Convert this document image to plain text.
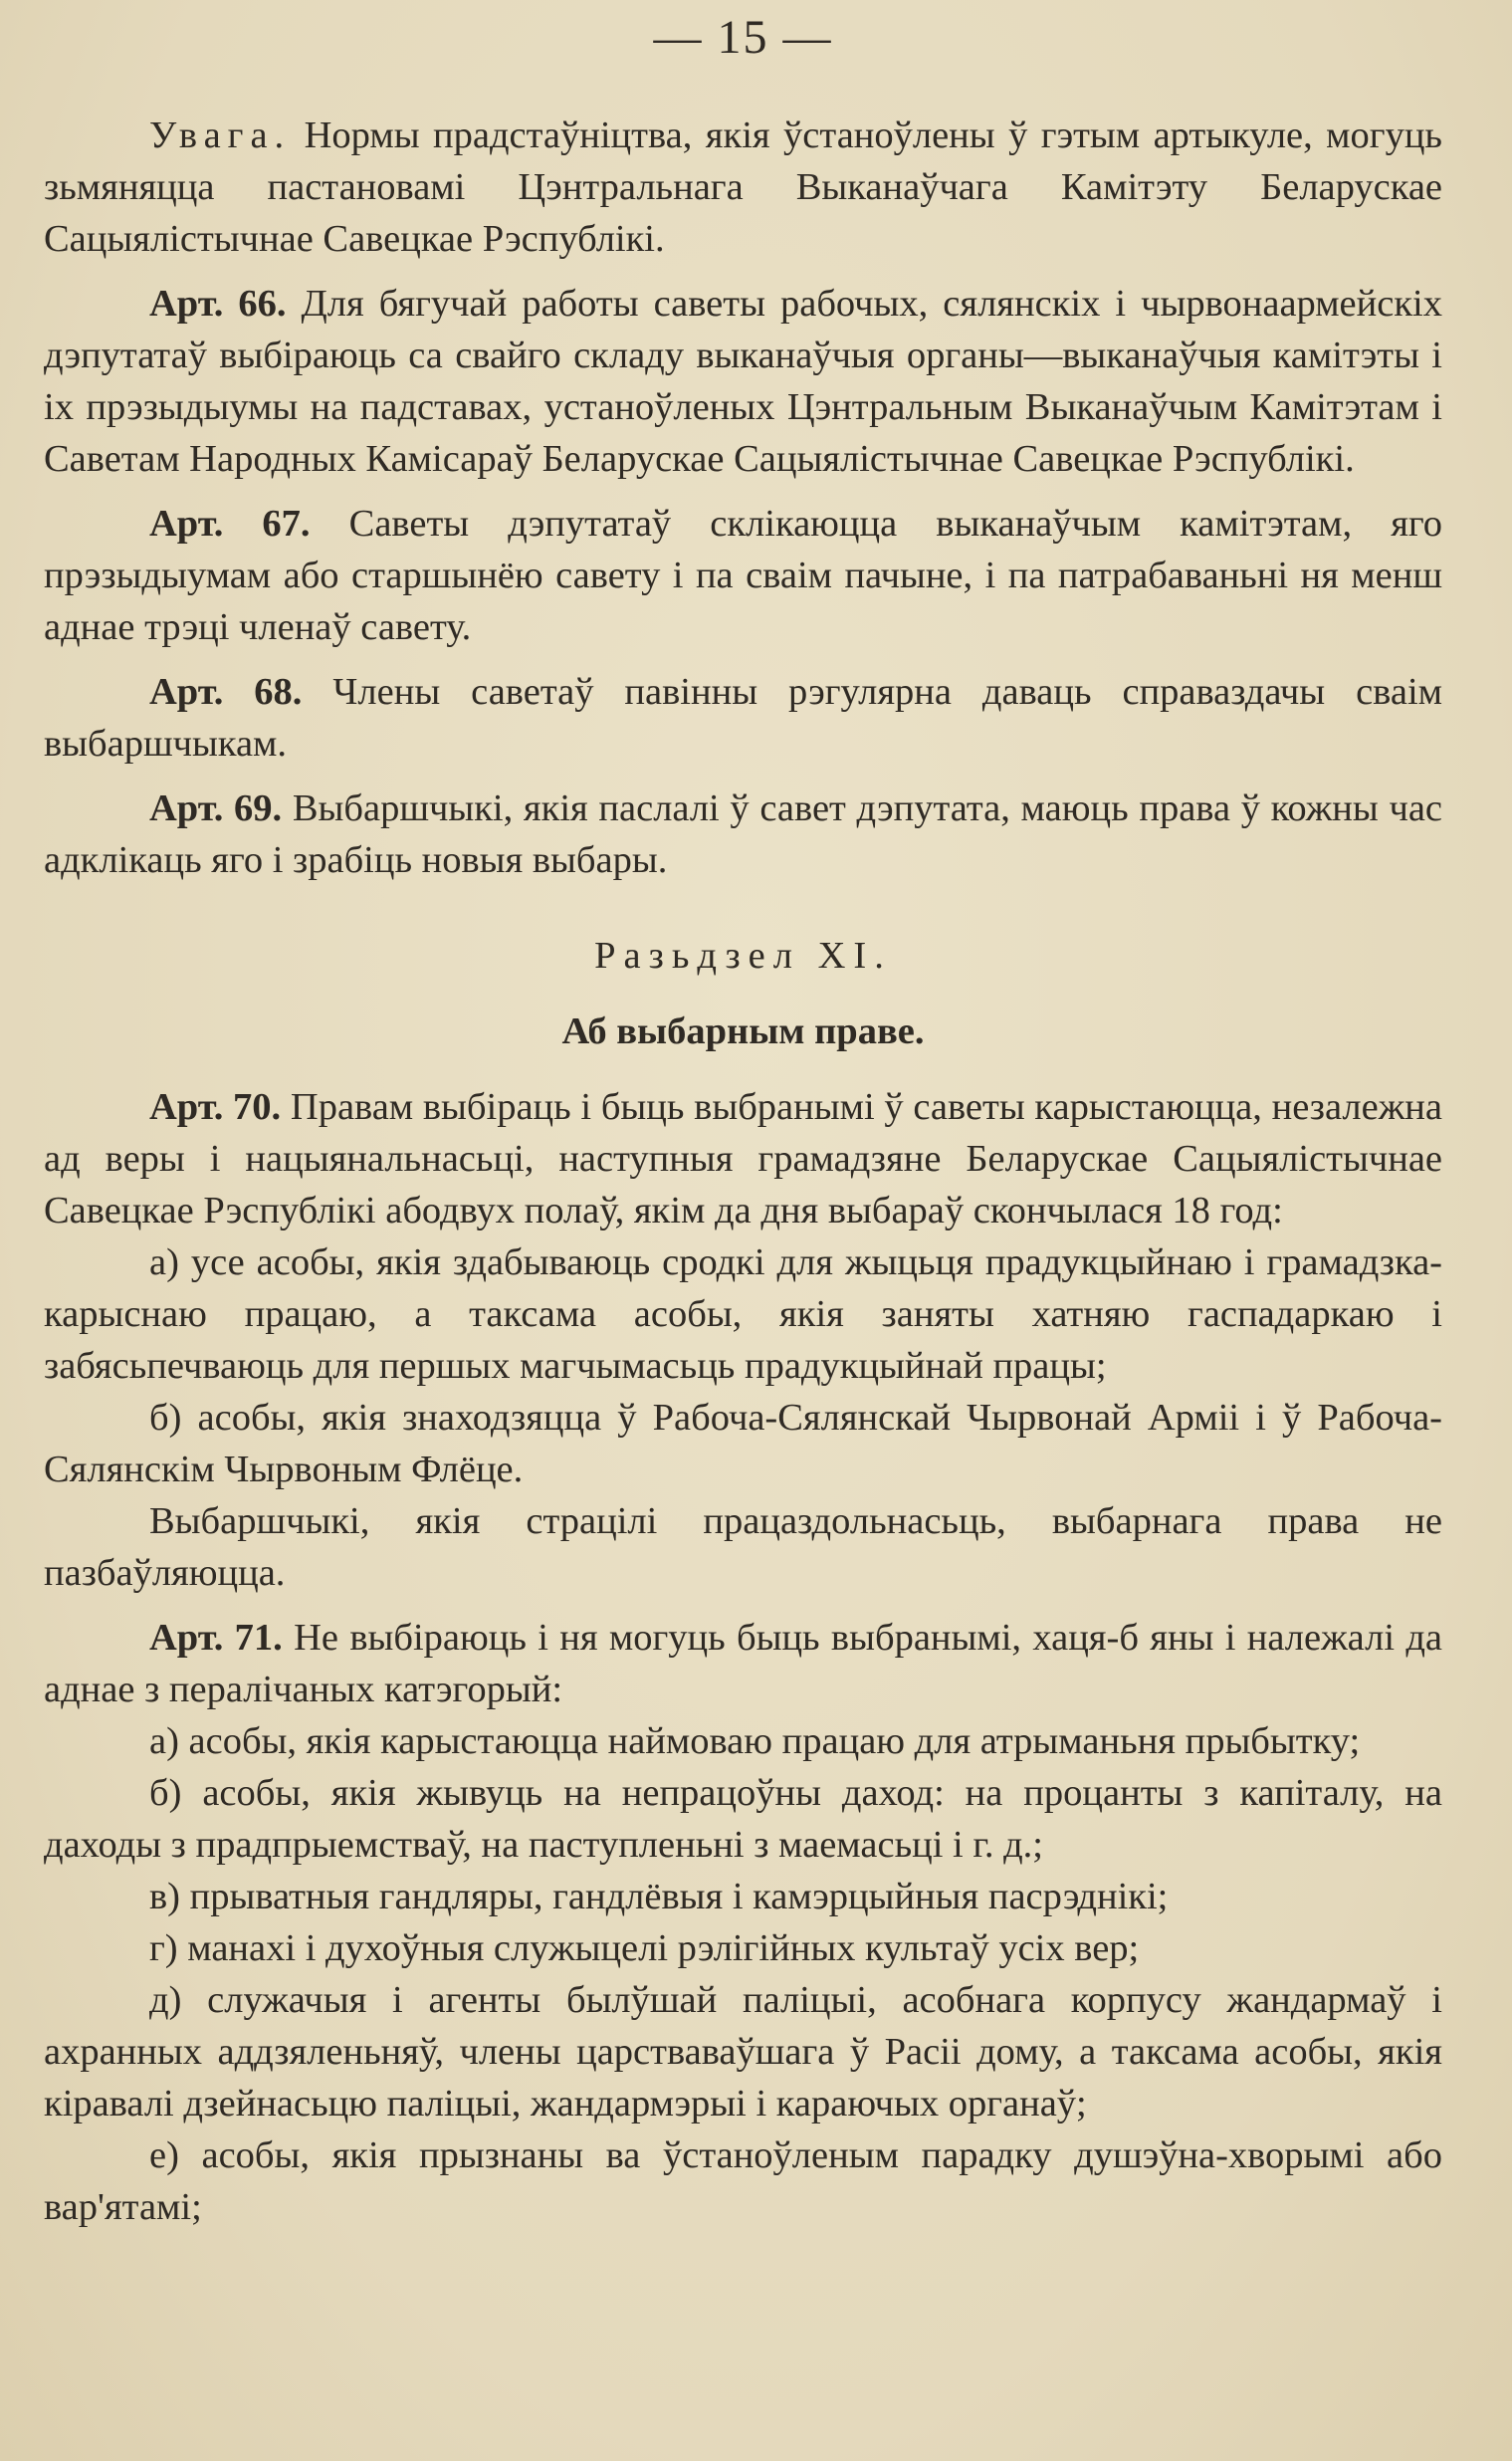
— 15 —

Увага. Нормы прадстаўніцтва, якія ўстаноўлены ў гэтым артыкуле, могуць зьмяняцца пастановамі Цэнтральнага Выканаўчага Камітэту Беларускае Сацыялістычнае Савецкае Рэспублікі.

Арт. 66. Для бягучай работы саветы рабочых, сялянскіх і чырвонаармейскіх дэпутатаў выбіраюць са свайго складу выканаўчыя органы—выканаўчыя камітэты і іх прэзыдыумы на падставах, устаноўленых Цэнтральным Выканаўчым Камітэтам і Саветам Народных Камісараў Беларускае Сацыялістычнае Савецкае Рэспублікі.

Арт. 67. Саветы дэпутатаў склікаюцца выканаўчым камітэтам, яго прэзыдыумам або старшынёю савету і па сваім пачыне, і па патрабаваньні ня менш аднае трэці членаў савету.

Арт. 68. Члены саветаў павінны рэгулярна даваць справаздачы сваім выбаршчыкам.

Арт. 69. Выбаршчыкі, якія паслалі ў савет дэпутата, маюць права ў кожны час адклікаць яго і зрабіць новыя выбары.

Разьдзел XI.
Аб выбарным праве.

Арт. 70. Правам выбіраць і быць выбранымі ў саветы карыстаюцца, незалежна ад веры і нацыянальнасьці, наступныя грамадзяне Беларускае Сацыялістычнае Савецкае Рэспублікі абодвух полаў, якім да дня выбараў скончылася 18 год:

а) усе асобы, якія здабываюць сродкі для жыцьця прадукцыйнаю і грамадзка-карыснаю працаю, а таксама асобы, якія заняты хатняю гаспадаркаю і забясьпечваюць для першых магчымасьць прадукцыйнай працы;

б) асобы, якія знаходзяцца ў Рабоча-Сялянскай Чырвонай Арміі і ў Рабоча-Сялянскім Чырвоным Флёце.

Выбаршчыкі, якія страцілі працаздольнасьць, выбарнага права не пазбаўляюцца.

Арт. 71. Не выбіраюць і ня могуць быць выбранымі, хаця-б яны і належалі да аднае з пералічаных катэгорый:

а) асобы, якія карыстаюцца наймоваю працаю для атрыманьня прыбытку;

б) асобы, якія жывуць на непрацоўны даход: на процанты з капіталу, на даходы з прадпрыемстваў, на паступленьні з маемасьці і г. д.;

в) прыватныя гандляры, гандлёвыя і камэрцыйныя пасрэднікі;

г) манахі і духоўныя служыцелі рэлігійных культаў усіх вер;

д) служачыя і агенты былўшай паліцыі, асобнага корпусу жандармаў і ахранных аддзяленьняў, члены царстваваўшага ў Расіі дому, а таксама асобы, якія кіравалі дзейнасьцю паліцыі, жандармэрыі і караючых органаў;

е) асобы, якія прызнаны ва ўстаноўленым парадку душэўна-хворымі або вар'ятамі;
